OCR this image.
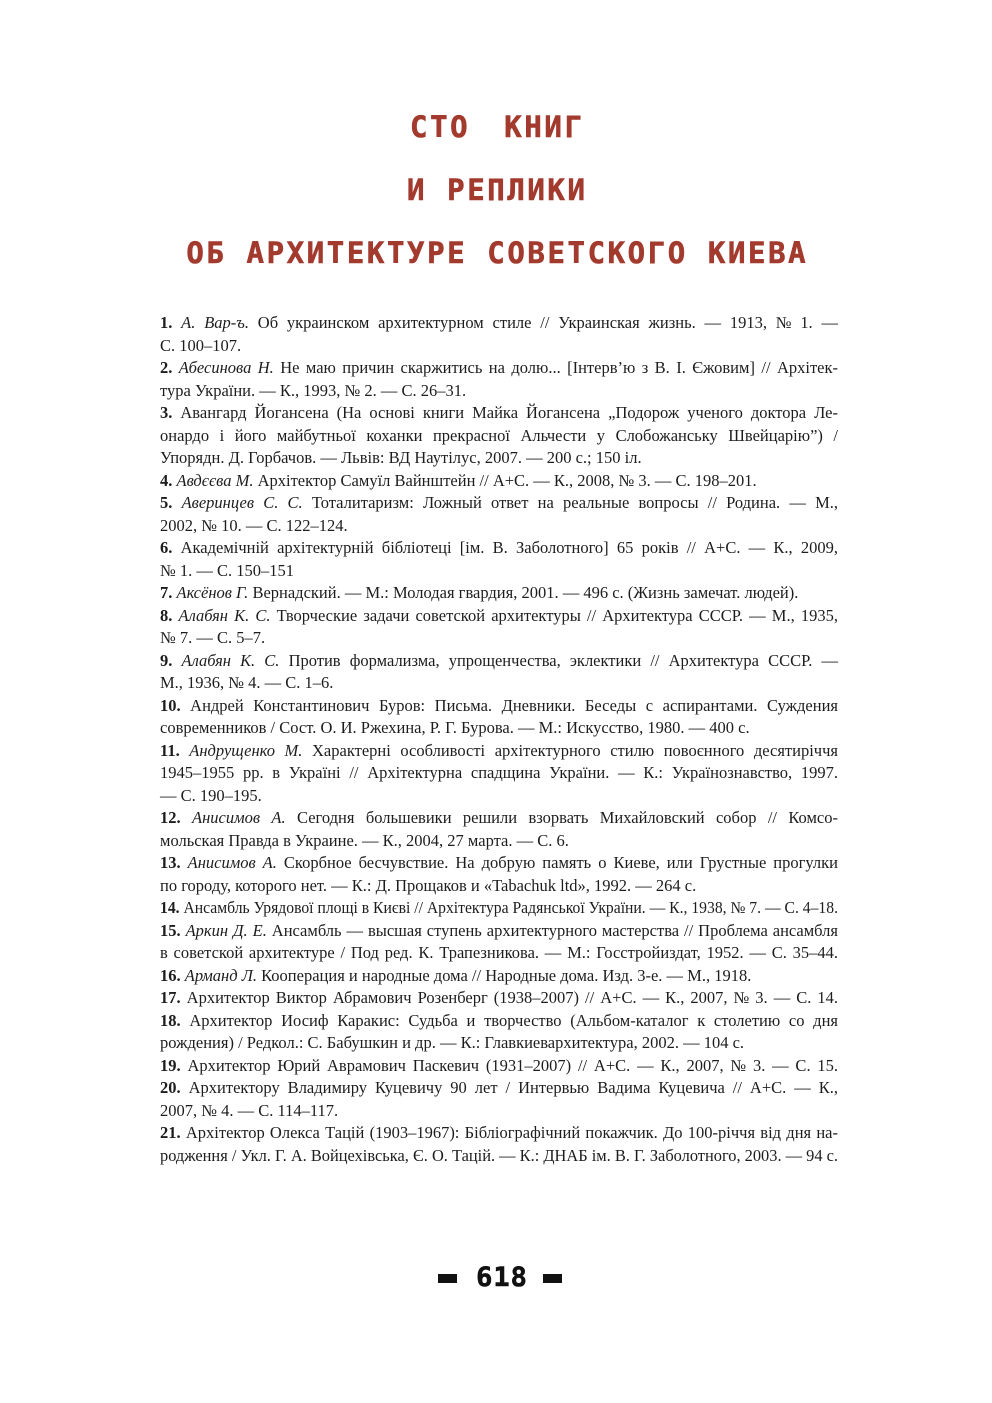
СТО КНИГ
И РЕПЛИКИ
ОБ АРХИТЕКТУРЕ СОВЕТСКОГО КИЕВА
1. А. Вар-ъ. Об украинском архитектурном стиле // Украинская жизнь. — 1913, № 1. —
С. 100–107.
2. Абесинова Н. Не маю причин скаржитись на долю... [Інтерв’ю з В. І. Єжовим] // Архітек-
тура України. — К., 1993, № 2. — С. 26–31.
3. Авангард Йогансена (На основі книги Майка Йогансена „Подорож ученого доктора Ле-
онардо і його майбутньої коханки прекрасної Альчести у Слобожанську Швейцарію”) /
Упорядн. Д. Горбачов. — Львів: ВД Наутілус, 2007. — 200 с.; 150 іл.
4. Авдєєва М. Архітектор Самуїл Вайнштейн // А+С. — К., 2008, № 3. — С. 198–201.
5. Аверинцев С. С. Тоталитаризм: Ложный ответ на реальные вопросы // Родина. — М.,
2002, № 10. — С. 122–124.
6. Академічній архітектурній бібліотеці [ім. В. Заболотного] 65 років // А+С. — К., 2009,
№ 1. — С. 150–151
7. Аксёнов Г. Вернадский. — М.: Молодая гвардия, 2001. — 496 с. (Жизнь замечат. людей).
8. Алабян К. С. Творческие задачи советской архитектуры // Архитектура СССР. — М., 1935,
№ 7. — С. 5–7.
9. Алабян К. С. Против формализма, упрощенчества, эклектики // Архитектура СССР. —
М., 1936, № 4. — С. 1–6.
10. Андрей Константинович Буров: Письма. Дневники. Беседы с аспирантами. Суждения
современников / Сост. О. И. Ржехина, Р. Г. Бурова. — М.: Искусство, 1980. — 400 с.
11. Андрущенко М. Характерні особливості архітектурного стилю повоєнного десятиріччя
1945–1955 рр. в Україні // Архітектурна спадщина України. — К.: Українознавство, 1997.
— С. 190–195.
12. Анисимов А. Сегодня большевики решили взорвать Михайловский собор // Комсо-
мольская Правда в Украине. — К., 2004, 27 марта. — С. 6.
13. Анисимов А. Скорбное бесчувствие. На добрую память о Киеве, или Грустные прогулки
по городу, которого нет. — К.: Д. Прощаков и «Tabachuk ltd», 1992. — 264 с.
14. Ансамбль Урядової площі в Києві // Архітектура Радянської України. — К., 1938, № 7. — С. 4–18.
15. Аркин Д. Е. Ансамбль — высшая ступень архитектурного мастерства // Проблема ансамбля
в советской архитектуре / Под ред. К. Трапезникова. — М.: Госстройиздат, 1952. — С. 35–44.
16. Арманд Л. Кооперация и народные дома // Народные дома. Изд. 3-е. — М., 1918.
17. Архитектор Виктор Абрамович Розенберг (1938–2007) // А+С. — К., 2007, № 3. — С. 14.
18. Архитектор Иосиф Каракис: Судьба и творчество (Альбом-каталог к столетию со дня
рождения) / Редкол.: С. Бабушкин и др. — К.: Главкиевархитектура, 2002. — 104 с.
19. Архитектор Юрий Аврамович Паскевич (1931–2007) // А+С. — К., 2007, № 3. — С. 15.
20. Архитектору Владимиру Куцевичу 90 лет / Интервью Вадима Куцевича // А+С. — К.,
2007, № 4. — С. 114–117.
21. Архітектор Олекса Тацій (1903–1967): Бібліографічний покажчик. До 100-річчя від дня на-
родження / Укл. Г. А. Войцехівська, Є. О. Тацій. — К.: ДНАБ ім. В. Г. Заболотного, 2003. — 94 с.
618
